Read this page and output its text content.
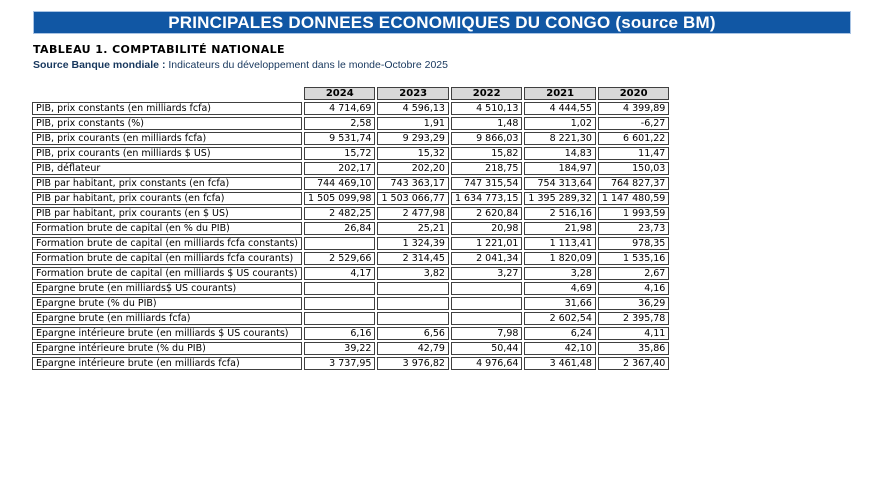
PRINCIPALES DONNEES ECONOMIQUES DU CONGO (source BM)
TABLEAU 1. COMPTABILITÉ NATIONALE
Source Banque mondiale : Indicateurs du développement dans le monde-Octobre 2025
	2024	2023	2022	2021	2020
PIB, prix constants (en milliards fcfa)	4 714,69	4 596,13	4 510,13	4 444,55	4 399,89
PIB, prix constants (%)	2,58	1,91	1,48	1,02	-6,27
PIB, prix courants (en milliards fcfa)	9 531,74	9 293,29	9 866,03	8 221,30	6 601,22
PIB, prix courants (en milliards $ US)	15,72	15,32	15,82	14,83	11,47
PIB, déflateur	202,17	202,20	218,75	184,97	150,03
PIB par habitant, prix constants (en fcfa)	744 469,10	743 363,17	747 315,54	754 313,64	764 827,37
PIB par habitant, prix courants (en fcfa)	1 505 099,98	1 503 066,77	1 634 773,15	1 395 289,32	1 147 480,59
PIB par habitant, prix courants (en $ US)	2 482,25	2 477,98	2 620,84	2 516,16	1 993,59
Formation brute de capital (en % du PIB)	26,84	25,21	20,98	21,98	23,73
Formation brute de capital (en milliards fcfa constants)		1 324,39	1 221,01	1 113,41	978,35
Formation brute de capital (en milliards fcfa courants)	2 529,66	2 314,45	2 041,34	1 820,09	1 535,16
Formation brute de capital (en milliards $ US courants)	4,17	3,82	3,27	3,28	2,67
Epargne brute (en milliards$ US courants)				4,69	4,16
Epargne brute (% du PIB)				31,66	36,29
Epargne brute (en milliards fcfa)				2 602,54	2 395,78
Epargne intérieure brute (en milliards $ US courants)	6,16	6,56	7,98	6,24	4,11
Epargne intérieure brute (% du PIB)	39,22	42,79	50,44	42,10	35,86
Epargne intérieure brute (en milliards fcfa)	3 737,95	3 976,82	4 976,64	3 461,48	2 367,40
